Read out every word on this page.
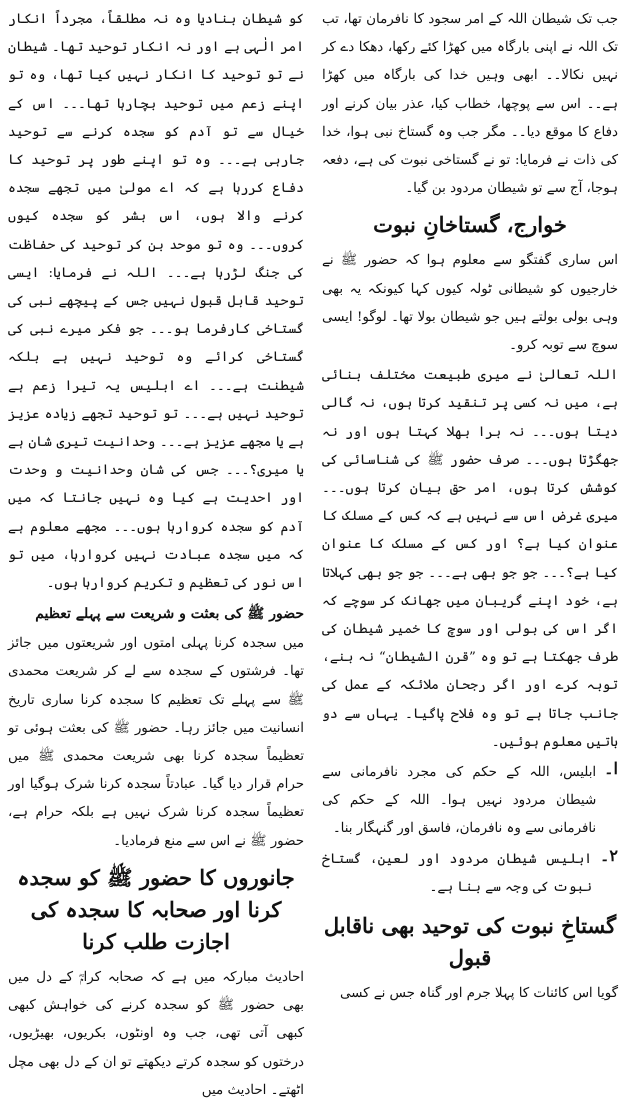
جب تک شیطان اللہ کے امر سجود کا نافرمان تھا، تب تک اللہ نے اپنی بارگاہ میں کھڑا کئے رکھا، دھکا دے کر نہیں نکالا۔۔ ابھی وہیں خدا کی بارگاہ میں کھڑا ہے۔۔ اس سے پوچھا، خطاب کیا، عذر بیان کرنے اور دفاع کا موقع دیا۔۔ مگر جب وہ گستاخ نبی ہوا، خدا کی ذات نے فرمایا: تو نے گستاخی نبوت کی ہے، دفعہ ہوجا، آج سے تو شیطان مردود بن گیا۔

خوارج، گستاخانِ نبوت

اس ساری گفتگو سے معلوم ہوا کہ حضور ﷺ نے خارجیوں کو شیطانی ٹولہ کیوں کہا کیونکہ یہ بھی وہی بولی بولتے ہیں جو شیطان بولا تھا۔ لوگو! ایسی سوچ سے توبہ کرو۔

اللہ تعالیٰ نے میری طبیعت مختلف بنائی ہے، میں نہ کسی پر تنقید کرتا ہوں، نہ گالی دیتا ہوں۔۔۔ نہ برا بھلا کہتا ہوں اور نہ جھگڑتا ہوں۔۔۔ صرف حضور ﷺ کی شناسائی کی کوشش کرتا ہوں، امر حق بیان کرتا ہوں۔۔۔ میری غرض اس سے نہیں ہے کہ کس کے مسلک کا عنوان کیا ہے؟ اور کس کے مسلک کا عنوان کیا ہے؟۔۔۔ جو جو بھی ہے۔۔۔ جو جو بھی کہلاتا ہے، خود اپنے گریبان میں جھانک کر سوچے کہ اگر اس کی بولی اور سوچ کا خمیر شیطان کی طرف جھکتا ہے تو وہ ”قرن الشیطان“ نہ بنے، توبہ کرے اور اگر رجحان ملائکہ کے عمل کی جانب جاتا ہے تو وہ فلاح پاگیا۔ یہاں سے دو باتیں معلوم ہوئیں۔

ا۔

ابلیس، اللہ کے حکم کی مجرد نافرمانی سے شیطان مردود نہیں ہوا۔ اللہ کے حکم کی نافرمانی سے وہ نافرمان، فاسق اور گنہگار بنا۔

۲۔

ابلیس شیطان مردود اور لعین، گستاخ نبوت کی وجہ سے بنا ہے۔

گستاخِ نبوت کی توحید بھی ناقابل قبول

گویا اس کائنات کا پہلا جرم اور گناہ جس نے کسی

کو شیطان بنادیا وہ نہ مطلقاً، مجرداً انکار امر الٰہی ہے اور نہ انکار توحید تھا۔ شیطان نے تو توحید کا انکار نہیں کیا تھا، وہ تو اپنے زعم میں توحید بچارہا تھا۔۔۔ اس کے خیال سے تو آدم کو سجدہ کرنے سے توحید جارہی ہے۔۔۔ وہ تو اپنے طور پر توحید کا دفاع کررہا ہے کہ اے مولیٰ میں تجھے سجدہ کرنے والا ہوں، اس بشر کو سجدہ کیوں کروں۔۔۔ وہ تو موحد بن کر توحید کی حفاظت کی جنگ لڑرہا ہے۔۔۔ اللہ نے فرمایا: ایسی توحید قابل قبول نہیں جس کے پیچھے نبی کی گستاخی کارفرما ہو۔۔۔ جو فکر میرے نبی کی گستاخی کرائے وہ توحید نہیں ہے بلکہ شیطنت ہے۔۔۔ اے ابلیس یہ تیرا زعم ہے توحید نہیں ہے۔۔۔ تو توحید تجھے زیادہ عزیز ہے یا مجھے عزیز ہے۔۔۔ وحدانیت تیری شان ہے یا میری؟۔۔۔ جس کی شان وحدانیت و وحدت اور احدیت ہے کیا وہ نہیں جانتا کہ میں آدم کو سجدہ کروارہا ہوں۔۔۔ مجھے معلوم ہے کہ میں سجدہ عبادت نہیں کروارہا، میں تو اس نور کی تعظیم و تکریم کروارہا ہوں۔

حضور ﷺ کی بعثت و شریعت سے پہلے تعظیم

میں سجدہ کرنا پہلی امتوں اور شریعتوں میں جائز تھا۔ فرشتوں کے سجدہ سے لے کر شریعت محمدی ﷺ سے پہلے تک تعظیم کا سجدہ کرنا ساری تاریخ انسانیت میں جائز رہا۔ حضور ﷺ کی بعثت ہوئی تو تعظیماً سجدہ کرنا بھی شریعت محمدی ﷺ میں حرام قرار دیا گیا۔ عبادتاً سجدہ کرنا شرک ہوگیا اور تعظیماً سجدہ کرنا شرک نہیں ہے بلکہ حرام ہے، حضور ﷺ نے اس سے منع فرمادیا۔

جانوروں کا حضور ﷺ کو سجدہ کرنا اور صحابہ کا سجدہ کی اجازت طلب کرنا

احادیث مبارکہ میں ہے کہ صحابہ کرامؓ کے دل میں بھی حضور ﷺ کو سجدہ کرنے کی خواہش کبھی کبھی آتی تھی، جب وہ اونٹوں، بکریوں، بھیڑیوں، درختوں کو سجدہ کرتے دیکھتے تو ان کے دل بھی مچل اٹھتے۔ احادیث میں
